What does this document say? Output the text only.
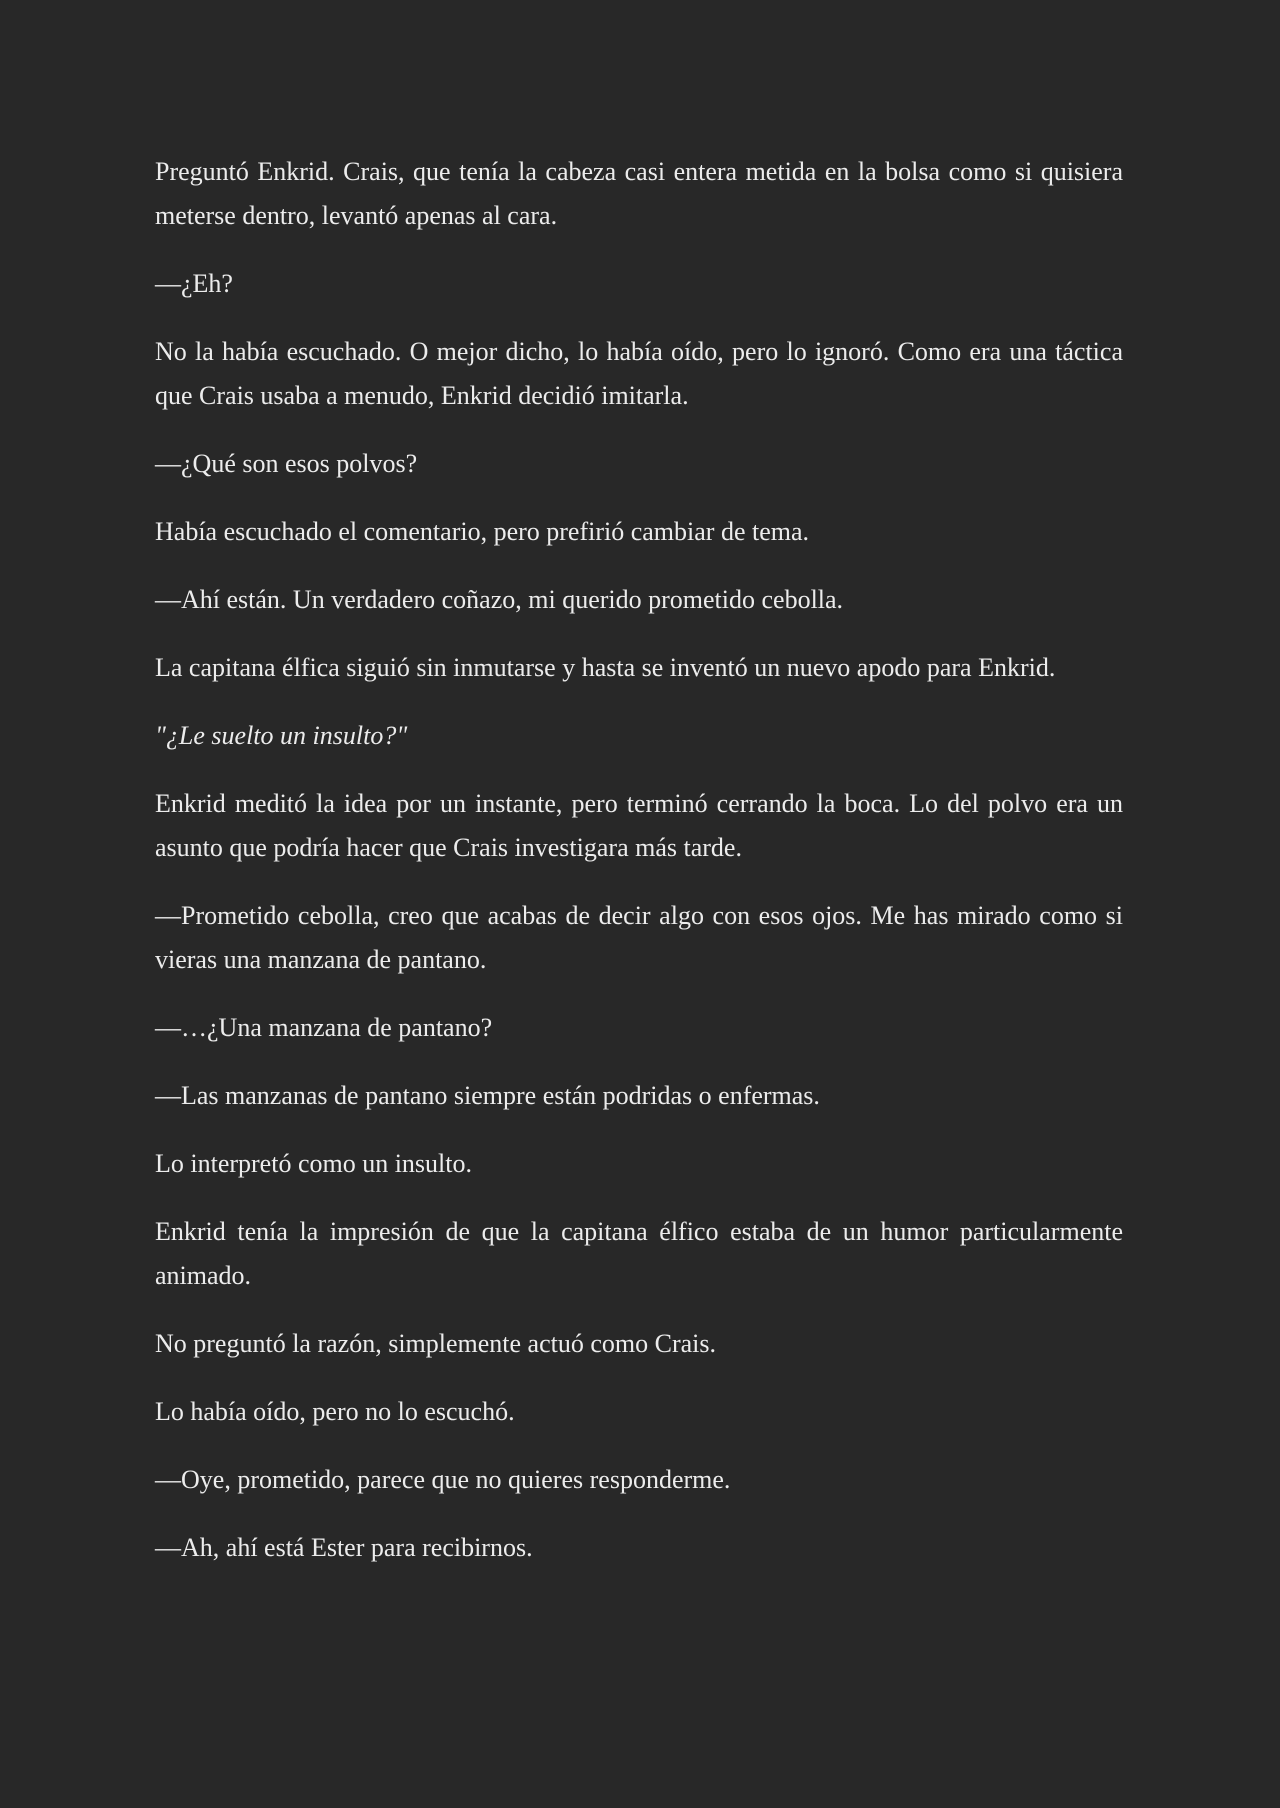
Preguntó Enkrid. Crais, que tenía la cabeza casi entera metida en la bolsa como si quisiera meterse dentro, levantó apenas al cara.

—¿Eh?

No la había escuchado. O mejor dicho, lo había oído, pero lo ignoró. Como era una táctica que Crais usaba a menudo, Enkrid decidió imitarla.

—¿Qué son esos polvos?

Había escuchado el comentario, pero prefirió cambiar de tema.

—Ahí están. Un verdadero coñazo, mi querido prometido cebolla.

La capitana élfica siguió sin inmutarse y hasta se inventó un nuevo apodo para Enkrid.

"¿Le suelto un insulto?"

Enkrid meditó la idea por un instante, pero terminó cerrando la boca. Lo del polvo era un asunto que podría hacer que Crais investigara más tarde.

—Prometido cebolla, creo que acabas de decir algo con esos ojos. Me has mirado como si vieras una manzana de pantano.

—…¿Una manzana de pantano?

—Las manzanas de pantano siempre están podridas o enfermas.

Lo interpretó como un insulto.

Enkrid tenía la impresión de que la capitana élfico estaba de un humor particularmente animado.

No preguntó la razón, simplemente actuó como Crais.

Lo había oído, pero no lo escuchó.

—Oye, prometido, parece que no quieres responderme.

—Ah, ahí está Ester para recibirnos.
